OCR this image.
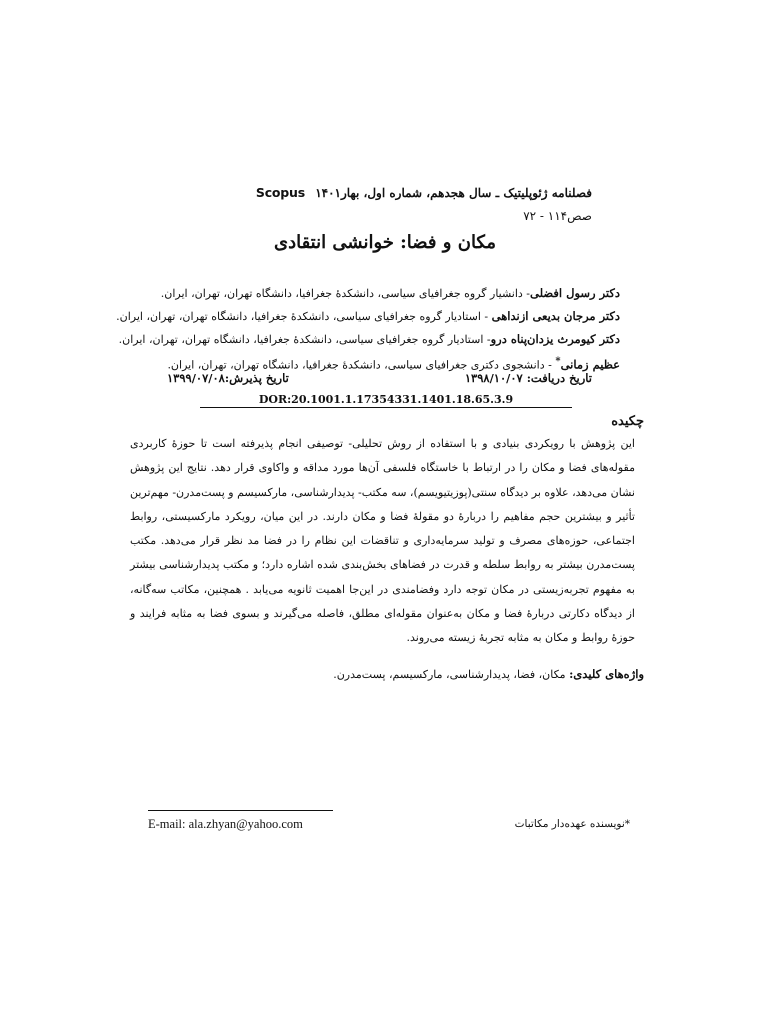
فصلنامه ژئوپلیتیک ـ سال هجدهم، شماره اول، بهار۱۴۰۱ Scopus
صص۱۱۴ - ۷۲
مکان و فضا: خوانشی انتقادی
دکتر رسول افضلی- دانشیار گروه جغرافیای سیاسی، دانشکدۀ جغرافیا، دانشگاه تهران، تهران، ایران.
دکتر مرجان بدیعی ازنداهی - استادیار گروه جغرافیای سیاسی، دانشکدۀ جغرافیا، دانشگاه تهران، تهران، ایران.
دکتر کیومرث یزدان‌پناه درو- استادیار گروه جغرافیای سیاسی، دانشکدۀ جغرافیا، دانشگاه تهران، تهران، ایران.
عظیم زمانی* - دانشجوی دکتری جغرافیای سیاسی، دانشکدۀ جغرافیا، دانشگاه تهران، تهران، ایران.
تاریخ دریافت: ۱۳۹۸/۱۰/۰۷
تاریخ پذیرش:۱۳۹۹/۰۷/۰۸
DOR:20.1001.1.17354331.1401.18.65.3.9
چکیده
این پژوهش با رویکردی بنیادی و با استفاده از روش تحلیلی- توصیفی انجام پذیرفته است تا حوزۀ کاربردی
مقوله‌های فضا و مکان را در ارتباط با خاستگاه فلسفی آن‌ها مورد مداقه و واکاوی قرار دهد. نتایج این پژوهش
نشان می‌دهد، علاوه بر دیدگاه سنتی(پوزیتیویسم)، سه مکتب- پدیدارشناسی، مارکسیسم و پست‌مدرن- مهم‌ترین
تأثیر و بیشترین حجم مفاهیم را دربارۀ دو مقولۀ فضا و مکان دارند. در این میان، رویکرد مارکسیستی، روابط
اجتماعی، حوزه‌های مصرف و تولید سرمایه‌داری و تناقضات این نظام را در فضا مد نظر قرار می‌دهد. مکتب
پست‌مدرن بیشتر به روابط سلطه و قدرت در فضاهای بخش‌بندی شده اشاره دارد؛ و مکتب پدیدارشناسی بیشتر
به مفهوم تجربه‌زیستی در مکان توجه دارد وفضامندی در این‌جا اهمیت ثانویه می‌یابد . همچنین، مکاتب سه‌گانه،
از دیدگاه دکارتی دربارۀ فضا و مکان به‌عنوان مقوله‌ای مطلق، فاصله می‌گیرند و بسوی فضا به مثابه فرایند و
حوزۀ روابط و مکان به مثابه تجربۀ زیسته می‌روند.
واژه‌های کلیدی: مکان، فضا، پدیدارشناسی، مارکسیسم، پست‌مدرن.
E-mail: ala.zhyan@yahoo.com	*نویسنده عهده‌دار مکاتبات
